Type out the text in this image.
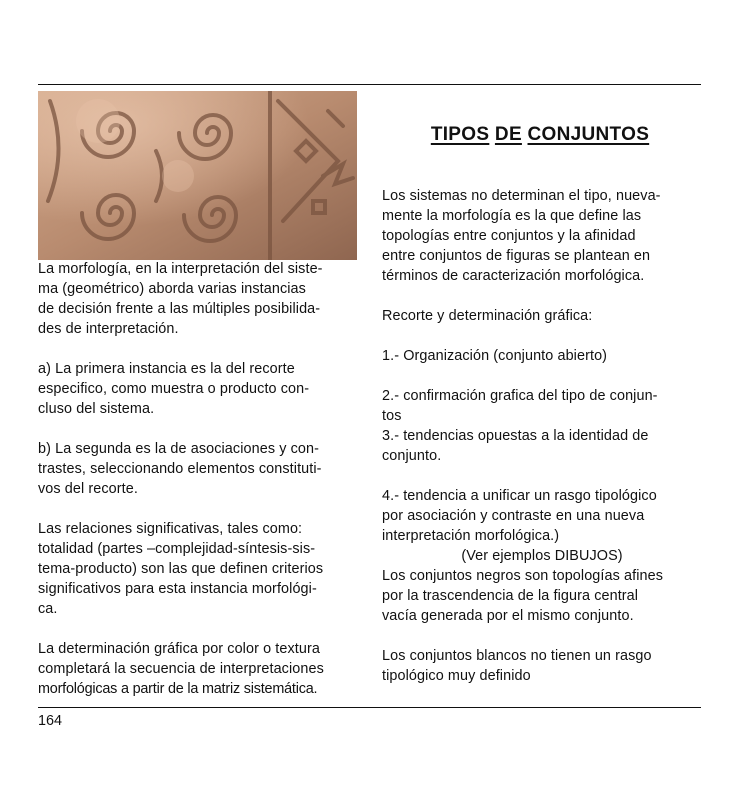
La morfología, en la interpretación del siste-
ma (geométrico) aborda varias instancias
de decisión frente a las múltiples posibilida-
des de interpretación.
a) La primera instancia es la del recorte
especifico, como muestra o producto con-
cluso del sistema.
b) La segunda es la de asociaciones y con-
trastes, seleccionando elementos constituti-
vos del recorte.
Las relaciones significativas, tales como:
totalidad (partes –complejidad-síntesis-sis-
tema-producto) son las que definen criterios
significativos para esta instancia morfológi-
ca.
La determinación gráfica por color o textura
completará la secuencia de interpretaciones
morfológicas a partir de la matriz sistemática.
TIPOS DE CONJUNTOS
Los sistemas no determinan el tipo, nueva-
mente la morfología es la que define las
topologías entre conjuntos y la afinidad
entre conjuntos de figuras se plantean en
términos de caracterización morfológica.
Recorte y determinación gráfica:
1.- Organización (conjunto abierto)
2.- confirmación grafica del tipo de conjun-
tos
3.- tendencias opuestas a la identidad de
conjunto.
4.- tendencia a unificar un rasgo tipológico
por asociación y contraste en una nueva
interpretación morfológica.)
(Ver ejemplos DIBUJOS)
Los conjuntos negros son topologías afines
por la trascendencia de la figura central
vacía generada por el mismo conjunto.
Los conjuntos blancos no tienen un rasgo
tipológico muy definido
164
